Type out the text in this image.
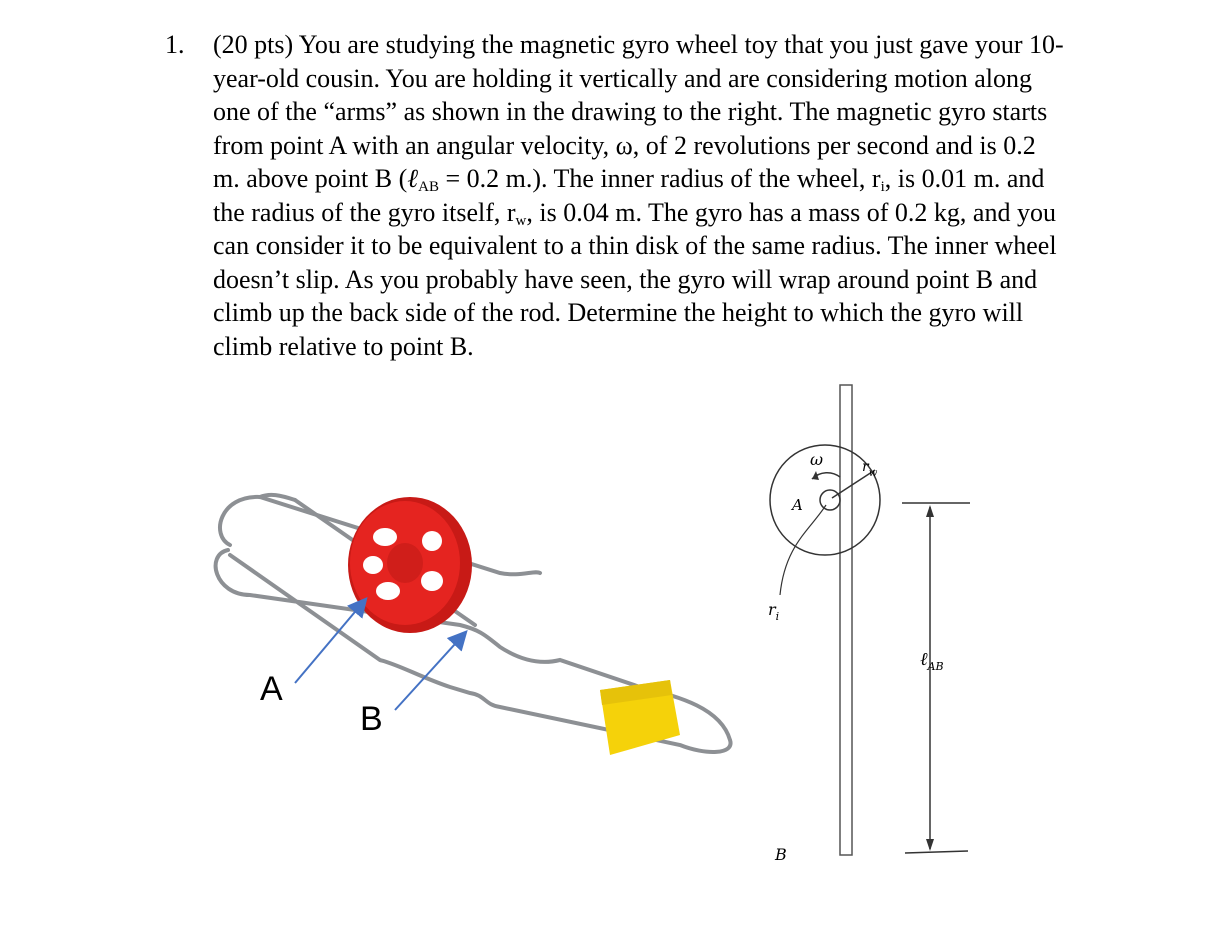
1. (20 pts) You are studying the magnetic gyro wheel toy that you just gave your 10-
year-old cousin. You are holding it vertically and are considering motion along
one of the “arms” as shown in the drawing to the right. The magnetic gyro starts
from point A with an angular velocity, ω, of 2 revolutions per second and is 0.2
m. above point B (ℓ$_{AB}$ = 0.2 m.). The inner radius of the wheel, $r_i$, is 0.01 m. and
the radius of the gyro itself, $r_w$, is 0.04 m. The gyro has a mass of 0.2 kg, and you
can consider it to be equivalent to a thin disk of the same radius. The inner wheel
doesn’t slip. As you probably have seen, the gyro will wrap around point B and
climb up the back side of the rod. Determine the height to which the gyro will
climb relative to point B.
A
B
ω
A
$r_i$
$r_w$
ℓ$_{AB}$
B
